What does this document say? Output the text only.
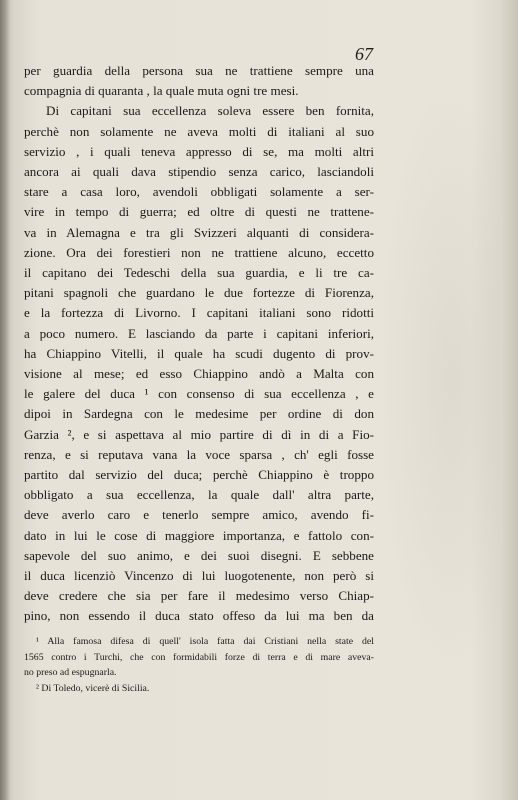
67
per guardia della persona sua ne trattiene sempre una
compagnia di quaranta , la quale muta ogni tre mesi.
Di capitani sua eccellenza soleva essere ben fornita,
perchè non solamente ne aveva molti di italiani al suo
servizio , i quali teneva appresso di se, ma molti altri
ancora ai quali dava stipendio senza carico, lasciandoli
stare a casa loro, avendoli obbligati solamente a ser-
vire in tempo di guerra; ed oltre di questi ne trattene-
va in Alemagna e tra gli Svizzeri alquanti di considera-
zione. Ora dei forestieri non ne trattiene alcuno, eccetto
il capitano dei Tedeschi della sua guardia, e li tre ca-
pitani spagnoli che guardano le due fortezze di Fiorenza,
e la fortezza di Livorno. I capitani italiani sono ridotti
a poco numero. E lasciando da parte i capitani inferiori,
ha Chiappino Vitelli, il quale ha scudi dugento di prov-
visione al mese; ed esso Chiappino andò a Malta con
le galere del duca ¹ con consenso di sua eccellenza , e
dipoi in Sardegna con le medesime per ordine di don
Garzia ², e si aspettava al mio partire di dì in di a Fio-
renza, e si reputava vana la voce sparsa , ch' egli fosse
partito dal servizio del duca; perchè Chiappino è troppo
obbligato a sua eccellenza, la quale dall' altra parte,
deve averlo caro e tenerlo sempre amico, avendo fi-
dato in lui le cose di maggiore importanza, e fattolo con-
sapevole del suo animo, e dei suoi disegni. E sebbene
il duca licenziò Vincenzo di lui luogotenente, non però si
deve credere che sia per fare il medesimo verso Chiap-
pino, non essendo il duca stato offeso da lui ma ben da
¹ Alla famosa difesa di quell' isola fatta dai Cristiani nella state del
1565 contro i Turchi, che con formidabili forze di terra e di mare aveva-
no preso ad espugnarla.
² Di Toledo, vicerè di Sicilia.
